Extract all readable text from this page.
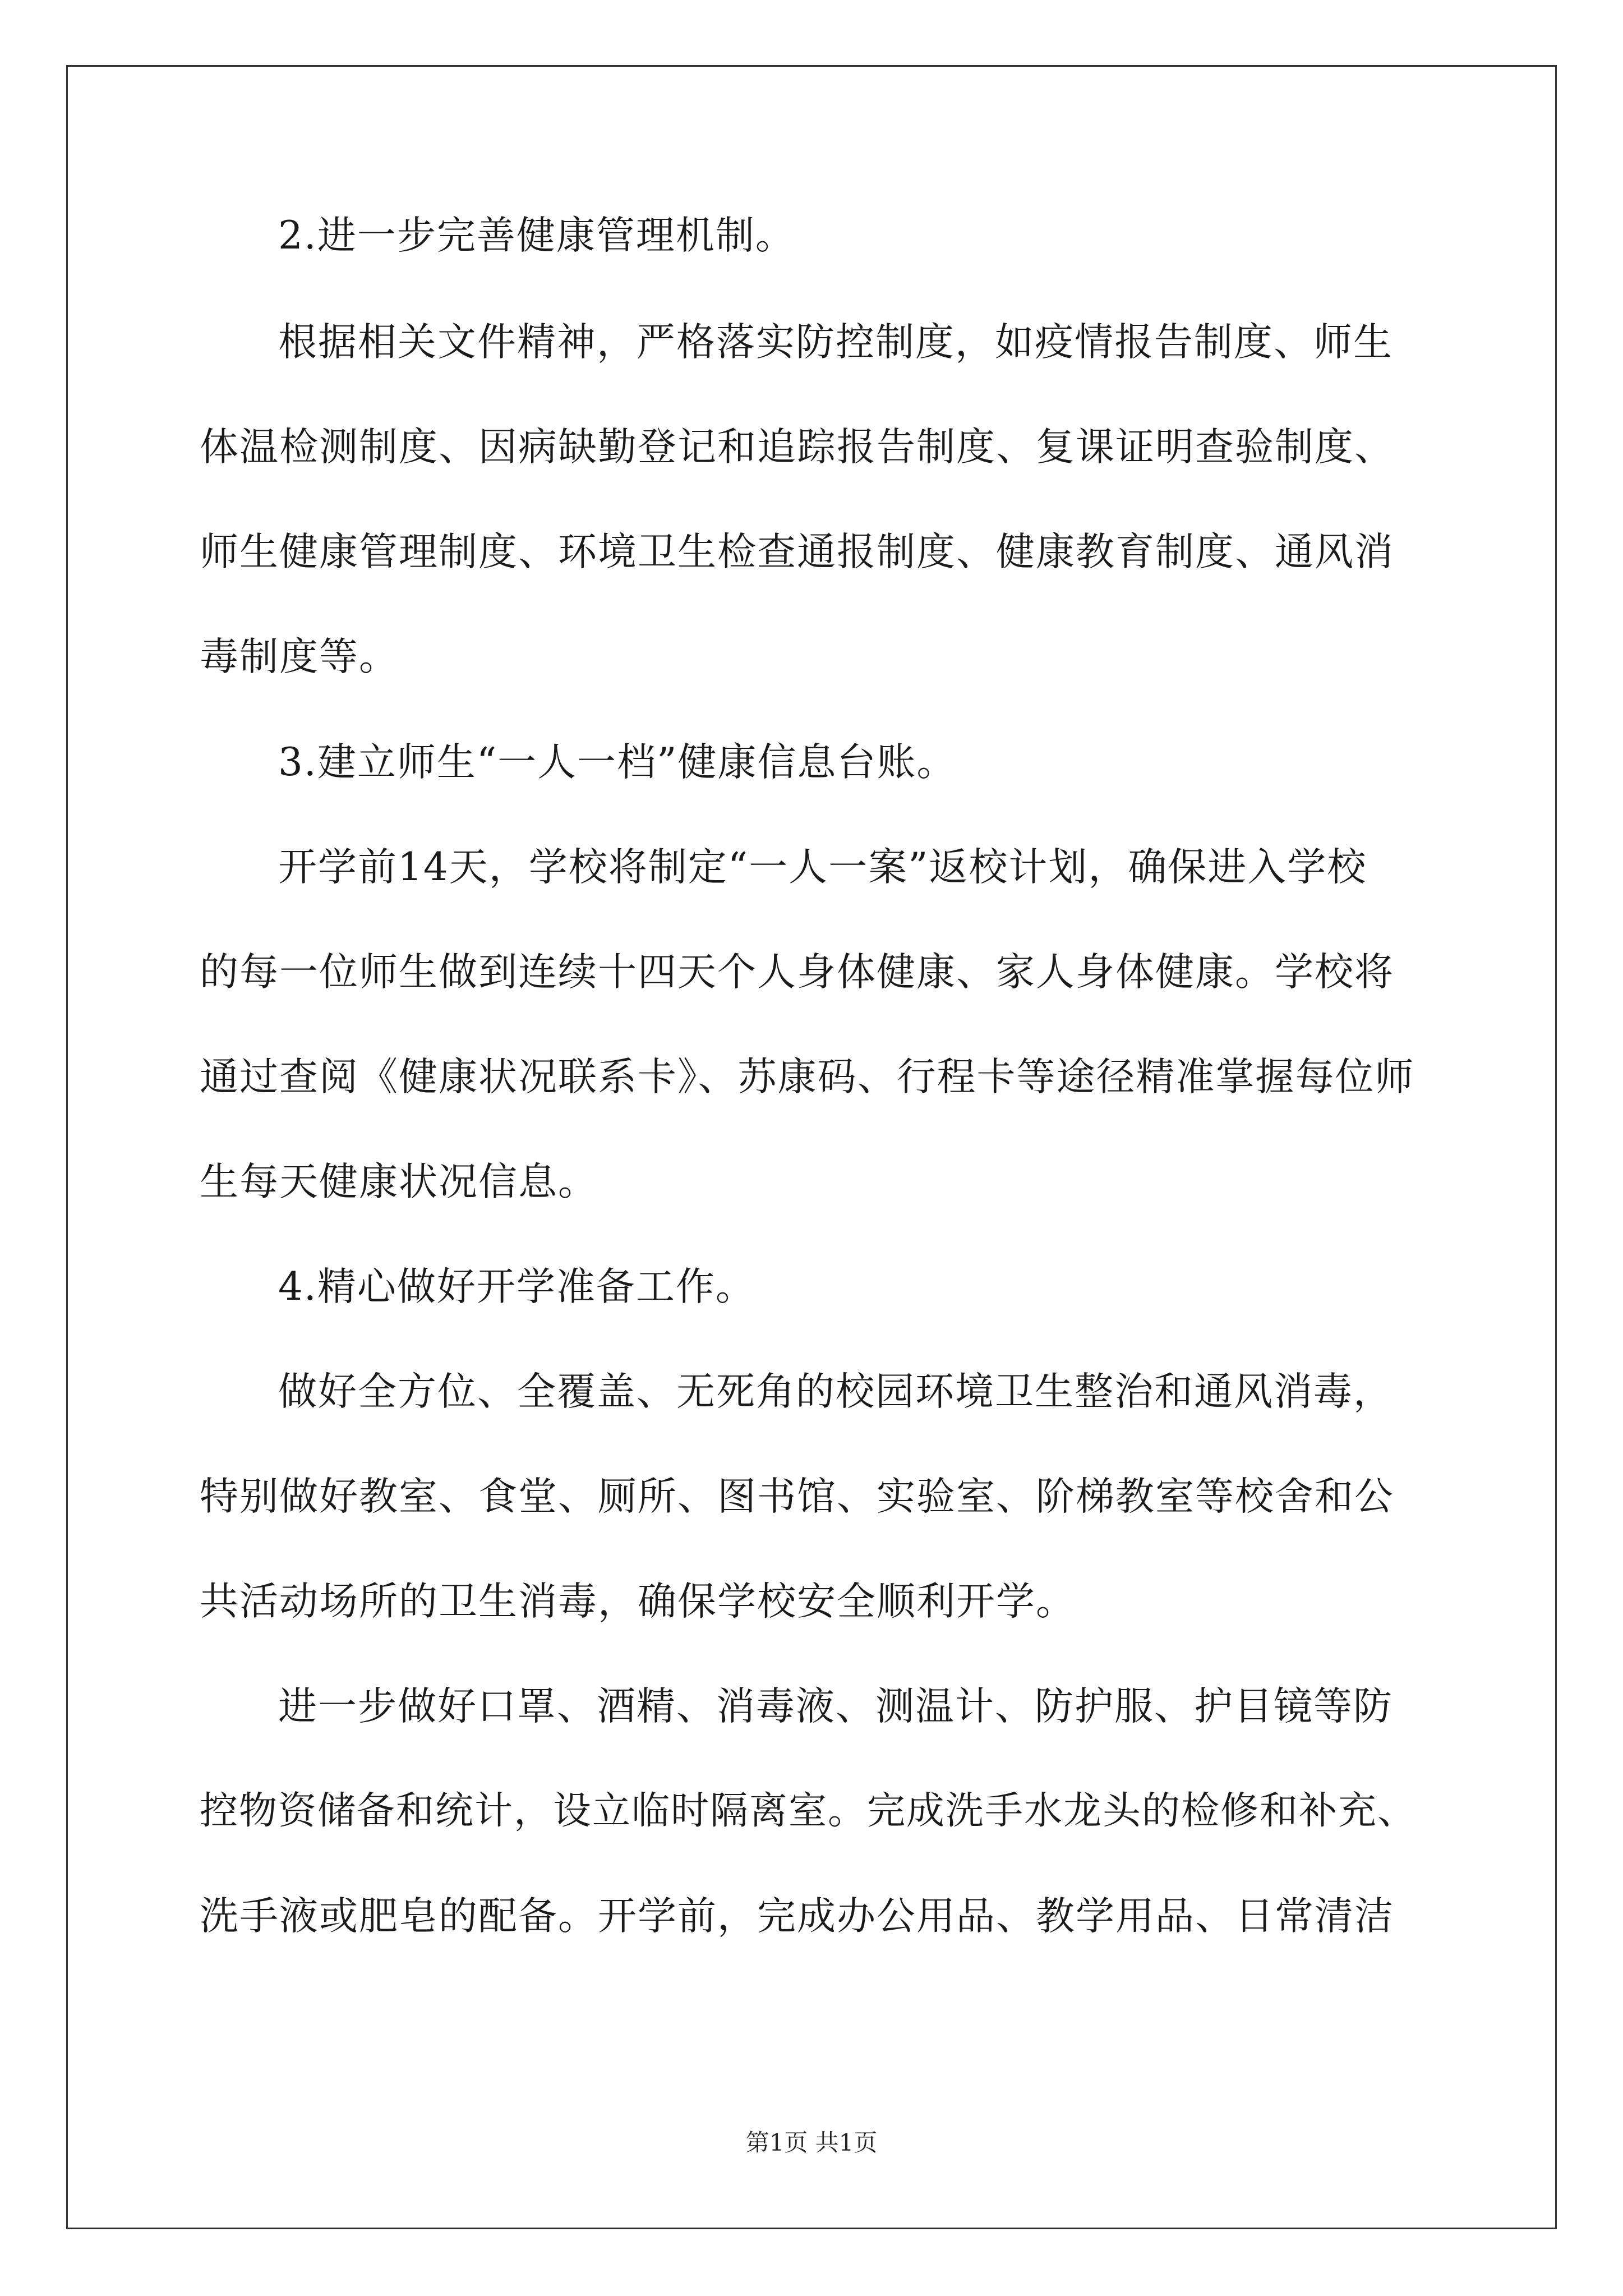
2.进一步完善健康管理机制。
根据相关文件精神，严格落实防控制度，如疫情报告制度、师生
体温检测制度、因病缺勤登记和追踪报告制度、复课证明查验制度、
师生健康管理制度、环境卫生检查通报制度、健康教育制度、通风消
毒制度等。
3.建立师生“一人一档”健康信息台账。
开学前14天，学校将制定“一人一案”返校计划，确保进入学校
的每一位师生做到连续十四天个人身体健康、家人身体健康。学校将
通过查阅《健康状况联系卡》、苏康码、行程卡等途径精准掌握每位师
生每天健康状况信息。
4.精心做好开学准备工作。
做好全方位、全覆盖、无死角的校园环境卫生整治和通风消毒，
特别做好教室、食堂、厕所、图书馆、实验室、阶梯教室等校舍和公
共活动场所的卫生消毒，确保学校安全顺利开学。
进一步做好口罩、酒精、消毒液、测温计、防护服、护目镜等防
控物资储备和统计，设立临时隔离室。完成洗手水龙头的检修和补充、
洗手液或肥皂的配备。开学前，完成办公用品、教学用品、日常清洁
第1页 共1页
